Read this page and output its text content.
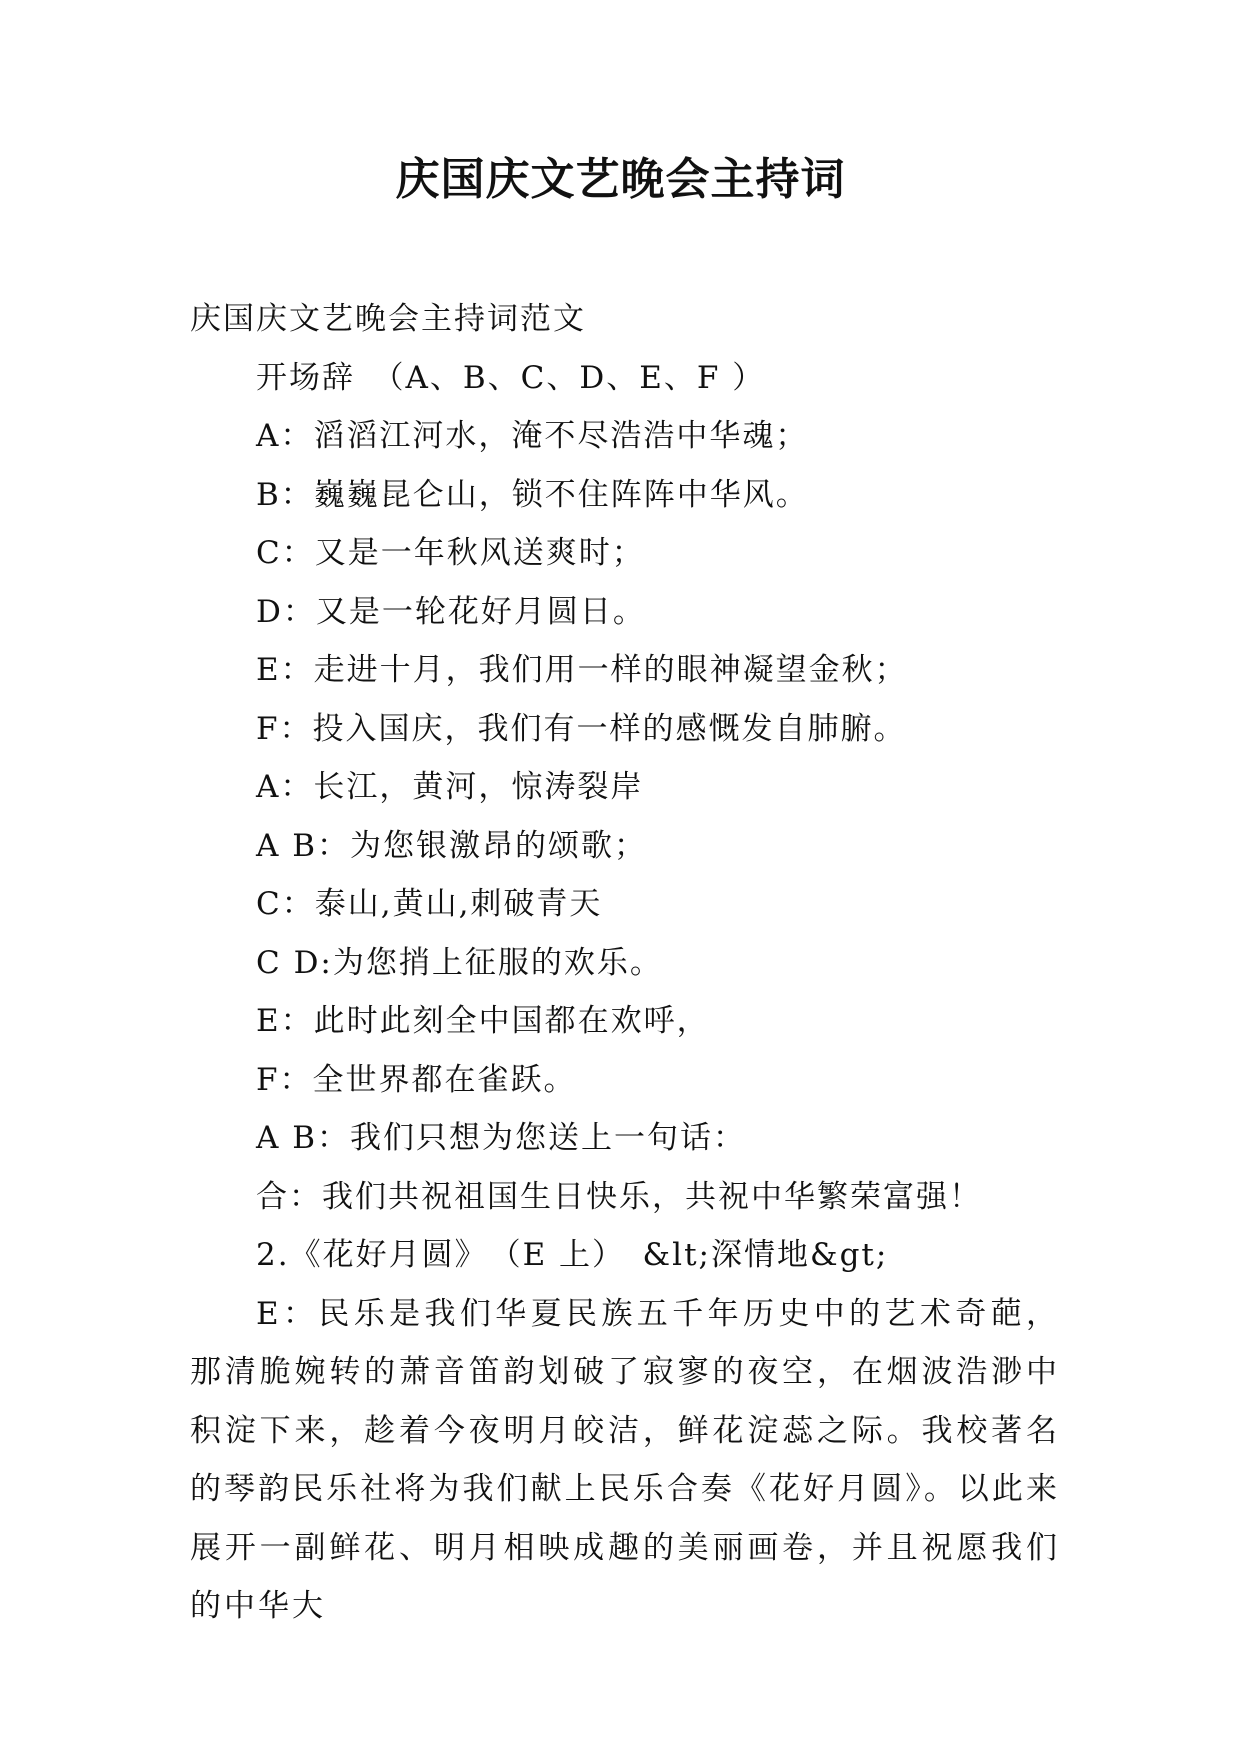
庆国庆文艺晚会主持词
庆国庆文艺晚会主持词范文
开场辞　（A、B、C、D、E、F ）
A：滔滔江河水，淹不尽浩浩中华魂；
B：巍巍昆仑山，锁不住阵阵中华风。
C：又是一年秋风送爽时；
D：又是一轮花好月圆日。
E：走进十月，我们用一样的眼神凝望金秋；
F：投入国庆，我们有一样的感慨发自肺腑。
A：长江，黄河，惊涛裂岸
A B：为您银激昂的颂歌；
C：泰山,黄山,刺破青天
C D:为您捎上征服的欢乐。
E：此时此刻全中国都在欢呼，
F：全世界都在雀跃。
A B：我们只想为您送上一句话：
合：我们共祝祖国生日快乐，共祝中华繁荣富强！
2.《花好月圆》　（E 上）　&lt;深情地&gt;

E：民乐是我们华夏民族五千年历史中的艺术奇葩，那清脆婉转的萧音笛韵划破了寂寥的夜空，在烟波浩渺中积淀下来，趁着今夜明月皎洁，鲜花淀蕊之际。我校著名的琴韵民乐社将为我们献上民乐合奏《花好月圆》。以此来展开一副鲜花、明月相映成趣的美丽画卷，并且祝愿我们的中华大
